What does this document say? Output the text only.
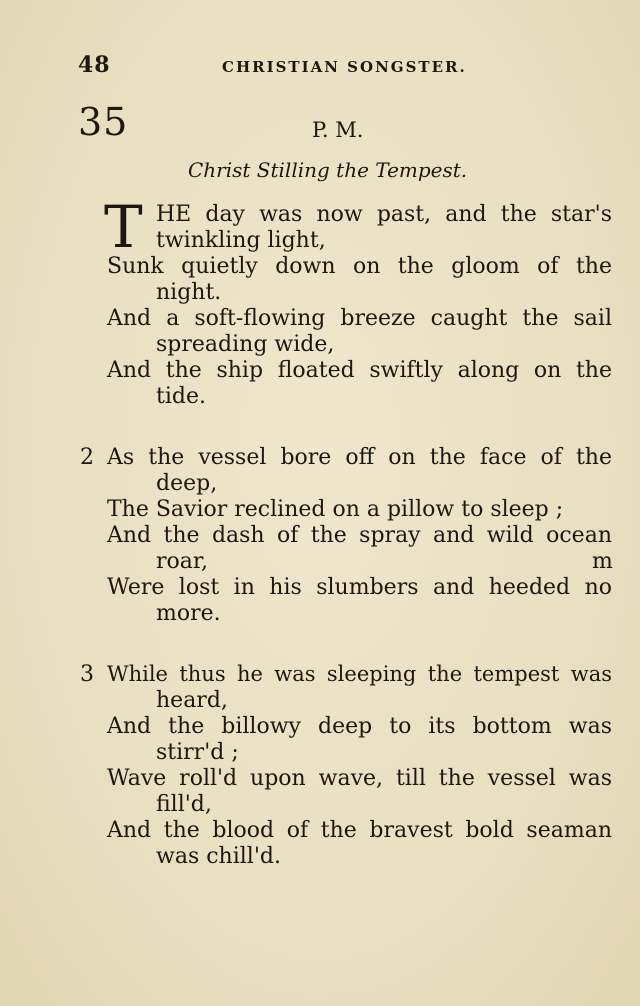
48	CHRISTIAN SONGSTER.
35	P. M.
Christ Stilling the Tempest.
T HE day was now past, and the star's
twinkling light,
Sunk quietly down on the gloom of the
night.
And a soft-flowing breeze caught the sail
spreading wide,
And the ship floated swiftly along on the
tide.
2 As the vessel bore off on the face of the
deep,
The Savior reclined on a pillow to sleep ;
And the dash of the spray and wild ocean
roar,	m
Were lost in his slumbers and heeded no
more.
3 While thus he was sleeping the tempest was
heard,
And the billowy deep to its bottom was
stirr'd ;
Wave roll'd upon wave, till the vessel was
fill'd,
And the blood of the bravest bold seaman
was chill'd.
